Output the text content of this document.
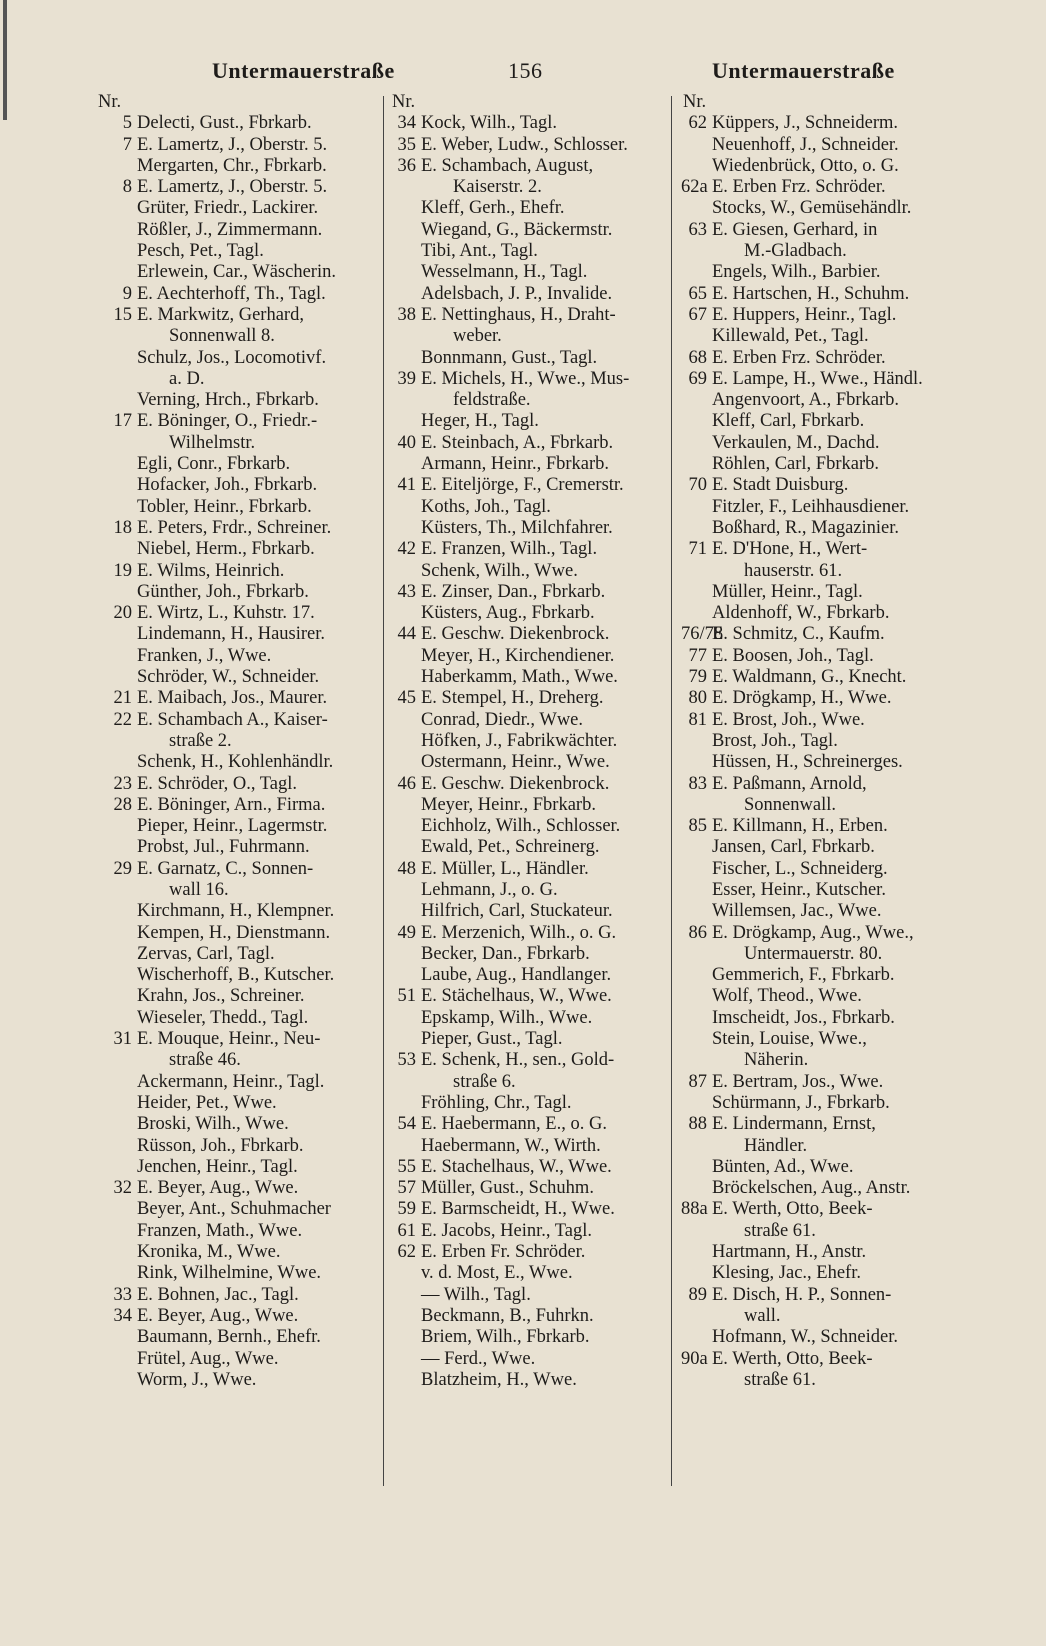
Untermauerstraße	156	Untermauerstraße
Nr.
5 Delecti, Gust., Fbrkarb.
7 E. Lamertz, J., Oberstr. 5.
Mergarten, Chr., Fbrkarb.
8 E. Lamertz, J., Oberstr. 5.
Grüter, Friedr., Lackirer.
Rößler, J., Zimmermann.
Pesch, Pet., Tagl.
Erlewein, Car., Wäscherin.
9 E. Aechterhoff, Th., Tagl.
15 E. Markwitz, Gerhard,
Sonnenwall 8.
Schulz, Jos., Locomotivf.
a. D.
Verning, Hrch., Fbrkarb.
17 E. Böninger, O., Friedr.-
Wilhelmstr.
Egli, Conr., Fbrkarb.
Hofacker, Joh., Fbrkarb.
Tobler, Heinr., Fbrkarb.
18 E. Peters, Frdr., Schreiner.
Niebel, Herm., Fbrkarb.
19 E. Wilms, Heinrich.
Günther, Joh., Fbrkarb.
20 E. Wirtz, L., Kuhstr. 17.
Lindemann, H., Hausirer.
Franken, J., Wwe.
Schröder, W., Schneider.
21 E. Maibach, Jos., Maurer.
22 E. Schambach A., Kaiser-
straße 2.
Schenk, H., Kohlenhändlr.
23 E. Schröder, O., Tagl.
28 E. Böninger, Arn., Firma.
Pieper, Heinr., Lagermstr.
Probst, Jul., Fuhrmann.
29 E. Garnatz, C., Sonnen-
wall 16.
Kirchmann, H., Klempner.
Kempen, H., Dienstmann.
Zervas, Carl, Tagl.
Wischerhoff, B., Kutscher.
Krahn, Jos., Schreiner.
Wieseler, Thedd., Tagl.
31 E. Mouque, Heinr., Neu-
straße 46.
Ackermann, Heinr., Tagl.
Heider, Pet., Wwe.
Broski, Wilh., Wwe.
Rüsson, Joh., Fbrkarb.
Jenchen, Heinr., Tagl.
32 E. Beyer, Aug., Wwe.
Beyer, Ant., Schuhmacher
Franzen, Math., Wwe.
Kronika, M., Wwe.
Rink, Wilhelmine, Wwe.
33 E. Bohnen, Jac., Tagl.
34 E. Beyer, Aug., Wwe.
Baumann, Bernh., Ehefr.
Frütel, Aug., Wwe.
Worm, J., Wwe.
Nr.
34 Kock, Wilh., Tagl.
35 E. Weber, Ludw., Schlosser.
36 E. Schambach, August,
Kaiserstr. 2.
Kleff, Gerh., Ehefr.
Wiegand, G., Bäckermstr.
Tibi, Ant., Tagl.
Wesselmann, H., Tagl.
Adelsbach, J. P., Invalide.
38 E. Nettinghaus, H., Draht-
weber.
Bonnmann, Gust., Tagl.
39 E. Michels, H., Wwe., Mus-
feldstraße.
Heger, H., Tagl.
40 E. Steinbach, A., Fbrkarb.
Armann, Heinr., Fbrkarb.
41 E. Eiteljörge, F., Cremerstr.
Koths, Joh., Tagl.
Küsters, Th., Milchfahrer.
42 E. Franzen, Wilh., Tagl.
Schenk, Wilh., Wwe.
43 E. Zinser, Dan., Fbrkarb.
Küsters, Aug., Fbrkarb.
44 E. Geschw. Diekenbrock.
Meyer, H., Kirchendiener.
Haberkamm, Math., Wwe.
45 E. Stempel, H., Dreherg.
Conrad, Diedr., Wwe.
Höfken, J., Fabrikwächter.
Ostermann, Heinr., Wwe.
46 E. Geschw. Diekenbrock.
Meyer, Heinr., Fbrkarb.
Eichholz, Wilh., Schlosser.
Ewald, Pet., Schreinerg.
48 E. Müller, L., Händler.
Lehmann, J., o. G.
Hilfrich, Carl, Stuckateur.
49 E. Merzenich, Wilh., o. G.
Becker, Dan., Fbrkarb.
Laube, Aug., Handlanger.
51 E. Stächelhaus, W., Wwe.
Epskamp, Wilh., Wwe.
Pieper, Gust., Tagl.
53 E. Schenk, H., sen., Gold-
straße 6.
Fröhling, Chr., Tagl.
54 E. Haebermann, E., o. G.
Haebermann, W., Wirth.
55 E. Stachelhaus, W., Wwe.
57 Müller, Gust., Schuhm.
59 E. Barmscheidt, H., Wwe.
61 E. Jacobs, Heinr., Tagl.
62 E. Erben Fr. Schröder.
v. d. Most, E., Wwe.
— Wilh., Tagl.
Beckmann, B., Fuhrkn.
Briem, Wilh., Fbrkarb.
— Ferd., Wwe.
Blatzheim, H., Wwe.
Nr.
62 Küppers, J., Schneiderm.
Neuenhoff, J., Schneider.
Wiedenbrück, Otto, o. G.
62a E. Erben Frz. Schröder.
Stocks, W., Gemüsehändlr.
63 E. Giesen, Gerhard, in
M.-Gladbach.
Engels, Wilh., Barbier.
65 E. Hartschen, H., Schuhm.
67 E. Huppers, Heinr., Tagl.
Killewald, Pet., Tagl.
68 E. Erben Frz. Schröder.
69 E. Lampe, H., Wwe., Händl.
Angenvoort, A., Fbrkarb.
Kleff, Carl, Fbrkarb.
Verkaulen, M., Dachd.
Röhlen, Carl, Fbrkarb.
70 E. Stadt Duisburg.
Fitzler, F., Leihhausdiener.
Boßhard, R., Magazinier.
71 E. D'Hone, H., Wert-
hauserstr. 61.
Müller, Heinr., Tagl.
Aldenhoff, W., Fbrkarb.
76/78E. Schmitz, C., Kaufm.
77 E. Boosen, Joh., Tagl.
79 E. Waldmann, G., Knecht.
80 E. Drögkamp, H., Wwe.
81 E. Brost, Joh., Wwe.
Brost, Joh., Tagl.
Hüssen, H., Schreinerges.
83 E. Paßmann, Arnold,
Sonnenwall.
85 E. Killmann, H., Erben.
Jansen, Carl, Fbrkarb.
Fischer, L., Schneiderg.
Esser, Heinr., Kutscher.
Willemsen, Jac., Wwe.
86 E. Drögkamp, Aug., Wwe.,
Untermauerstr. 80.
Gemmerich, F., Fbrkarb.
Wolf, Theod., Wwe.
Imscheidt, Jos., Fbrkarb.
Stein, Louise, Wwe.,
Näherin.
87 E. Bertram, Jos., Wwe.
Schürmann, J., Fbrkarb.
88 E. Lindermann, Ernst,
Händler.
Bünten, Ad., Wwe.
Bröckelschen, Aug., Anstr.
88a E. Werth, Otto, Beek-
straße 61.
Hartmann, H., Anstr.
Klesing, Jac., Ehefr.
89 E. Disch, H. P., Sonnen-
wall.
Hofmann, W., Schneider.
90a E. Werth, Otto, Beek-
straße 61.
